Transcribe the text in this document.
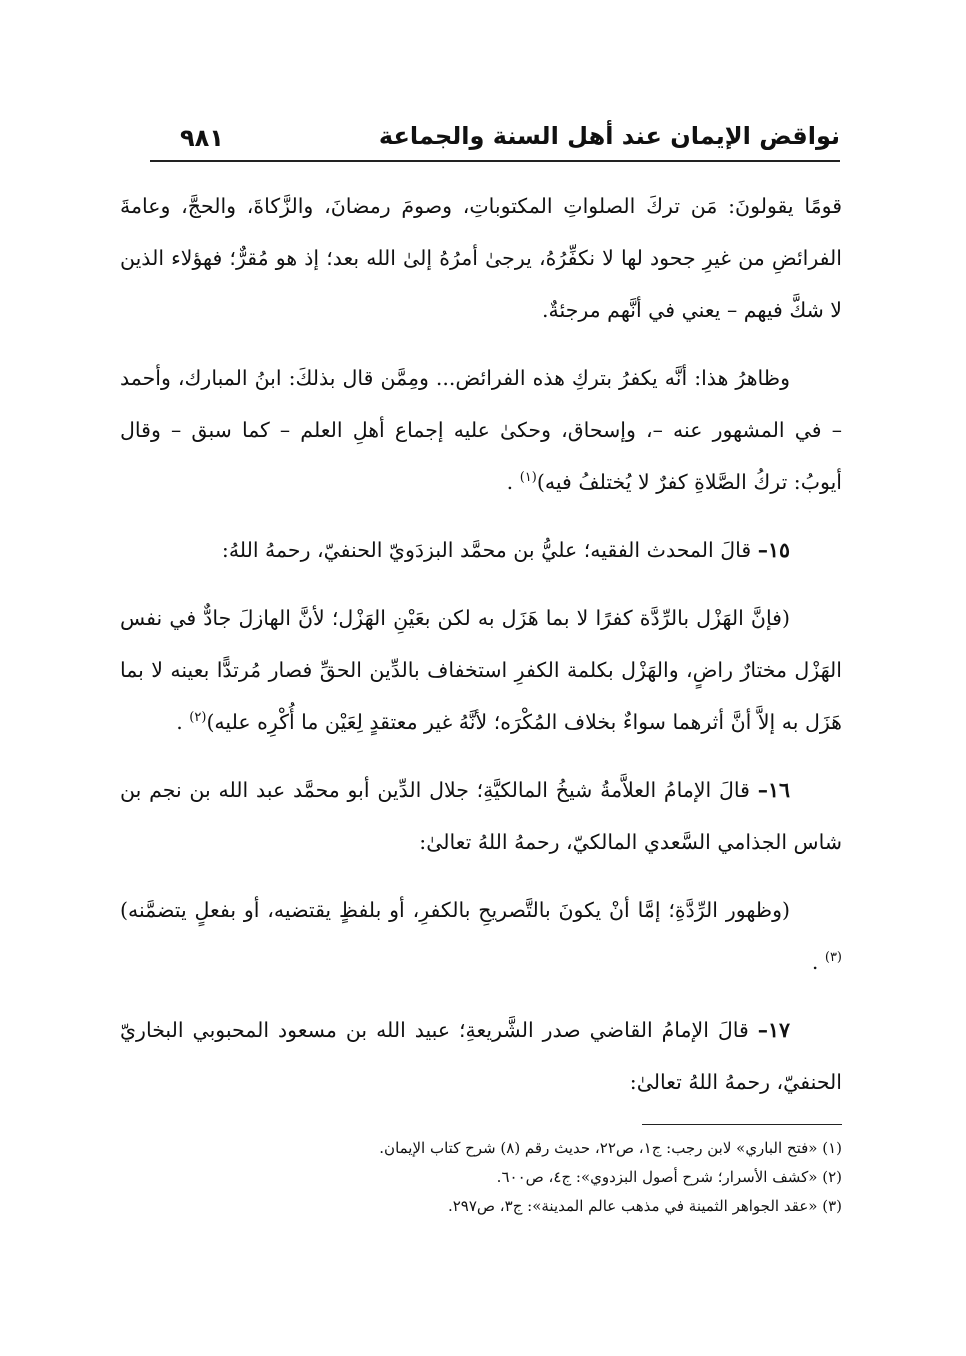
نواقض الإيمان عند أهل السنة والجماعة
٩٨١

قومًا يقولونَ: مَن تركَ الصلواتِ المكتوباتِ، وصومَ رمضانَ، والزَّكاةَ، والحجَّ، وعامةَ الفرائضِ من غيرِ جحود لها لا نكفِّرُهُ، يرجىٰ أمرُهُ إلىٰ الله بعد؛ إذ هو مُقرٌّ؛ فهؤلاء الذين لا شكَّ فيهم – يعني في أنَّهم مرجئةٌ.

وظاهرُ هذا: أنَّه يكفرُ بتركِ هذه الفرائض... ومِمَّن قال بذلكَ: ابنُ المبارك، وأحمد – في المشهور عنه –، وإسحاق، وحكىٰ عليه إجماع أهلِ العلم – كما سبق – وقال أيوبُ: تركُ الصَّلاةِ كفرٌ لا يُختلفُ فيه)$^{(١)}$ .

١٥– قالَ المحدث الفقيه؛ عليُّ بن محمَّد البزدَويّ الحنفيّ، رحمهُ اللهُ:

(فإنَّ الهَزْل بالرِّدَّة كفرًا لا بما هَزَل به لكن بعَيْنِ الهَزْل؛ لأنَّ الهازلَ جادٌّ في نفس الهَزْل مختارٌ راضٍ، والهَزْل بكلمة الكفرِ استخفاف بالدِّين الحقِّ فصار مُرتدًّا بعينه لا بما هَزَل به إلاَّ أنَّ أثرهما سواءٌ بخلاف المُكْرَه؛ لأنَّهُ غير معتقدٍ لِعَيْن ما أُكْرِه عليه)$^{(٢)}$ .

١٦– قالَ الإمامُ العلاَّمةُ شيخُ المالكيَّةِ؛ جلال الدِّين أبو محمَّد عبد الله بن نجم بن شاس الجذامي السَّعدي المالكيّ، رحمهُ اللهُ تعالىٰ:

(وظهور الرِّدَّةِ؛ إمَّا أنْ يكونَ بالتَّصريحِ بالكفرِ، أو بلفظٍ يقتضيه، أو بفعلٍ يتضمَّنه)$^{(٣)}$ .

١٧– قالَ الإمامُ القاضي صدر الشَّريعةِ؛ عبيد الله بن مسعود المحبوبي البخاريّ الحنفيّ، رحمهُ اللهُ تعالىٰ:

(١) «فتح الباري» لابن رجب: ج١، ص٢٢، حديث رقم (٨) شرح كتاب الإيمان.
(٢) «كشف الأسرار؛ شرح أصول البزدوي»: ج٤، ص٦٠٠.
(٣) «عقد الجواهر الثمينة في مذهب عالم المدينة»: ج٣، ص٢٩٧.
